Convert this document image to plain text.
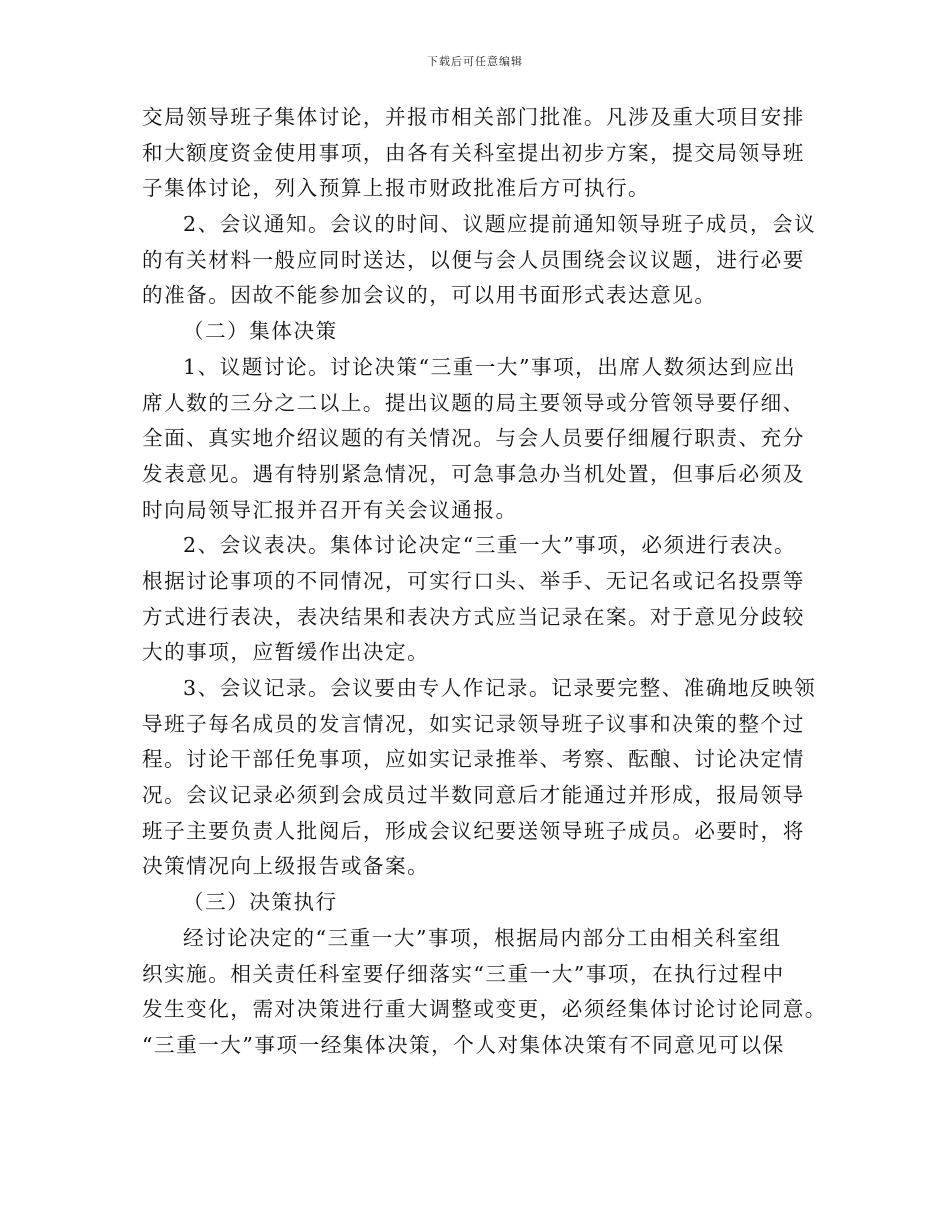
下载后可任意编辑
交局领导班子集体讨论，并报市相关部门批准。凡涉及重大项目安排
和大额度资金使用事项，由各有关科室提出初步方案，提交局领导班
子集体讨论，列入预算上报市财政批准后方可执行。
2、会议通知。会议的时间、议题应提前通知领导班子成员，会议
的有关材料一般应同时送达，以便与会人员围绕会议议题，进行必要
的准备。因故不能参加会议的，可以用书面形式表达意见。
（二）集体决策
1、议题讨论。讨论决策“三重一大”事项，出席人数须达到应出
席人数的三分之二以上。提出议题的局主要领导或分管领导要仔细、
全面、真实地介绍议题的有关情况。与会人员要仔细履行职责、充分
发表意见。遇有特别紧急情况，可急事急办当机处置，但事后必须及
时向局领导汇报并召开有关会议通报。
2、会议表决。集体讨论决定“三重一大”事项，必须进行表决。
根据讨论事项的不同情况，可实行口头、举手、无记名或记名投票等
方式进行表决，表决结果和表决方式应当记录在案。对于意见分歧较
大的事项，应暂缓作出决定。
3、会议记录。会议要由专人作记录。记录要完整、准确地反映领
导班子每名成员的发言情况，如实记录领导班子议事和决策的整个过
程。讨论干部任免事项，应如实记录推举、考察、酝酿、讨论决定情
况。会议记录必须到会成员过半数同意后才能通过并形成，报局领导
班子主要负责人批阅后，形成会议纪要送领导班子成员。必要时，将
决策情况向上级报告或备案。
（三）决策执行
经讨论决定的“三重一大”事项，根据局内部分工由相关科室组
织实施。相关责任科室要仔细落实“三重一大”事项，在执行过程中
发生变化，需对决策进行重大调整或变更，必须经集体讨论讨论同意。
“三重一大”事项一经集体决策，个人对集体决策有不同意见可以保
